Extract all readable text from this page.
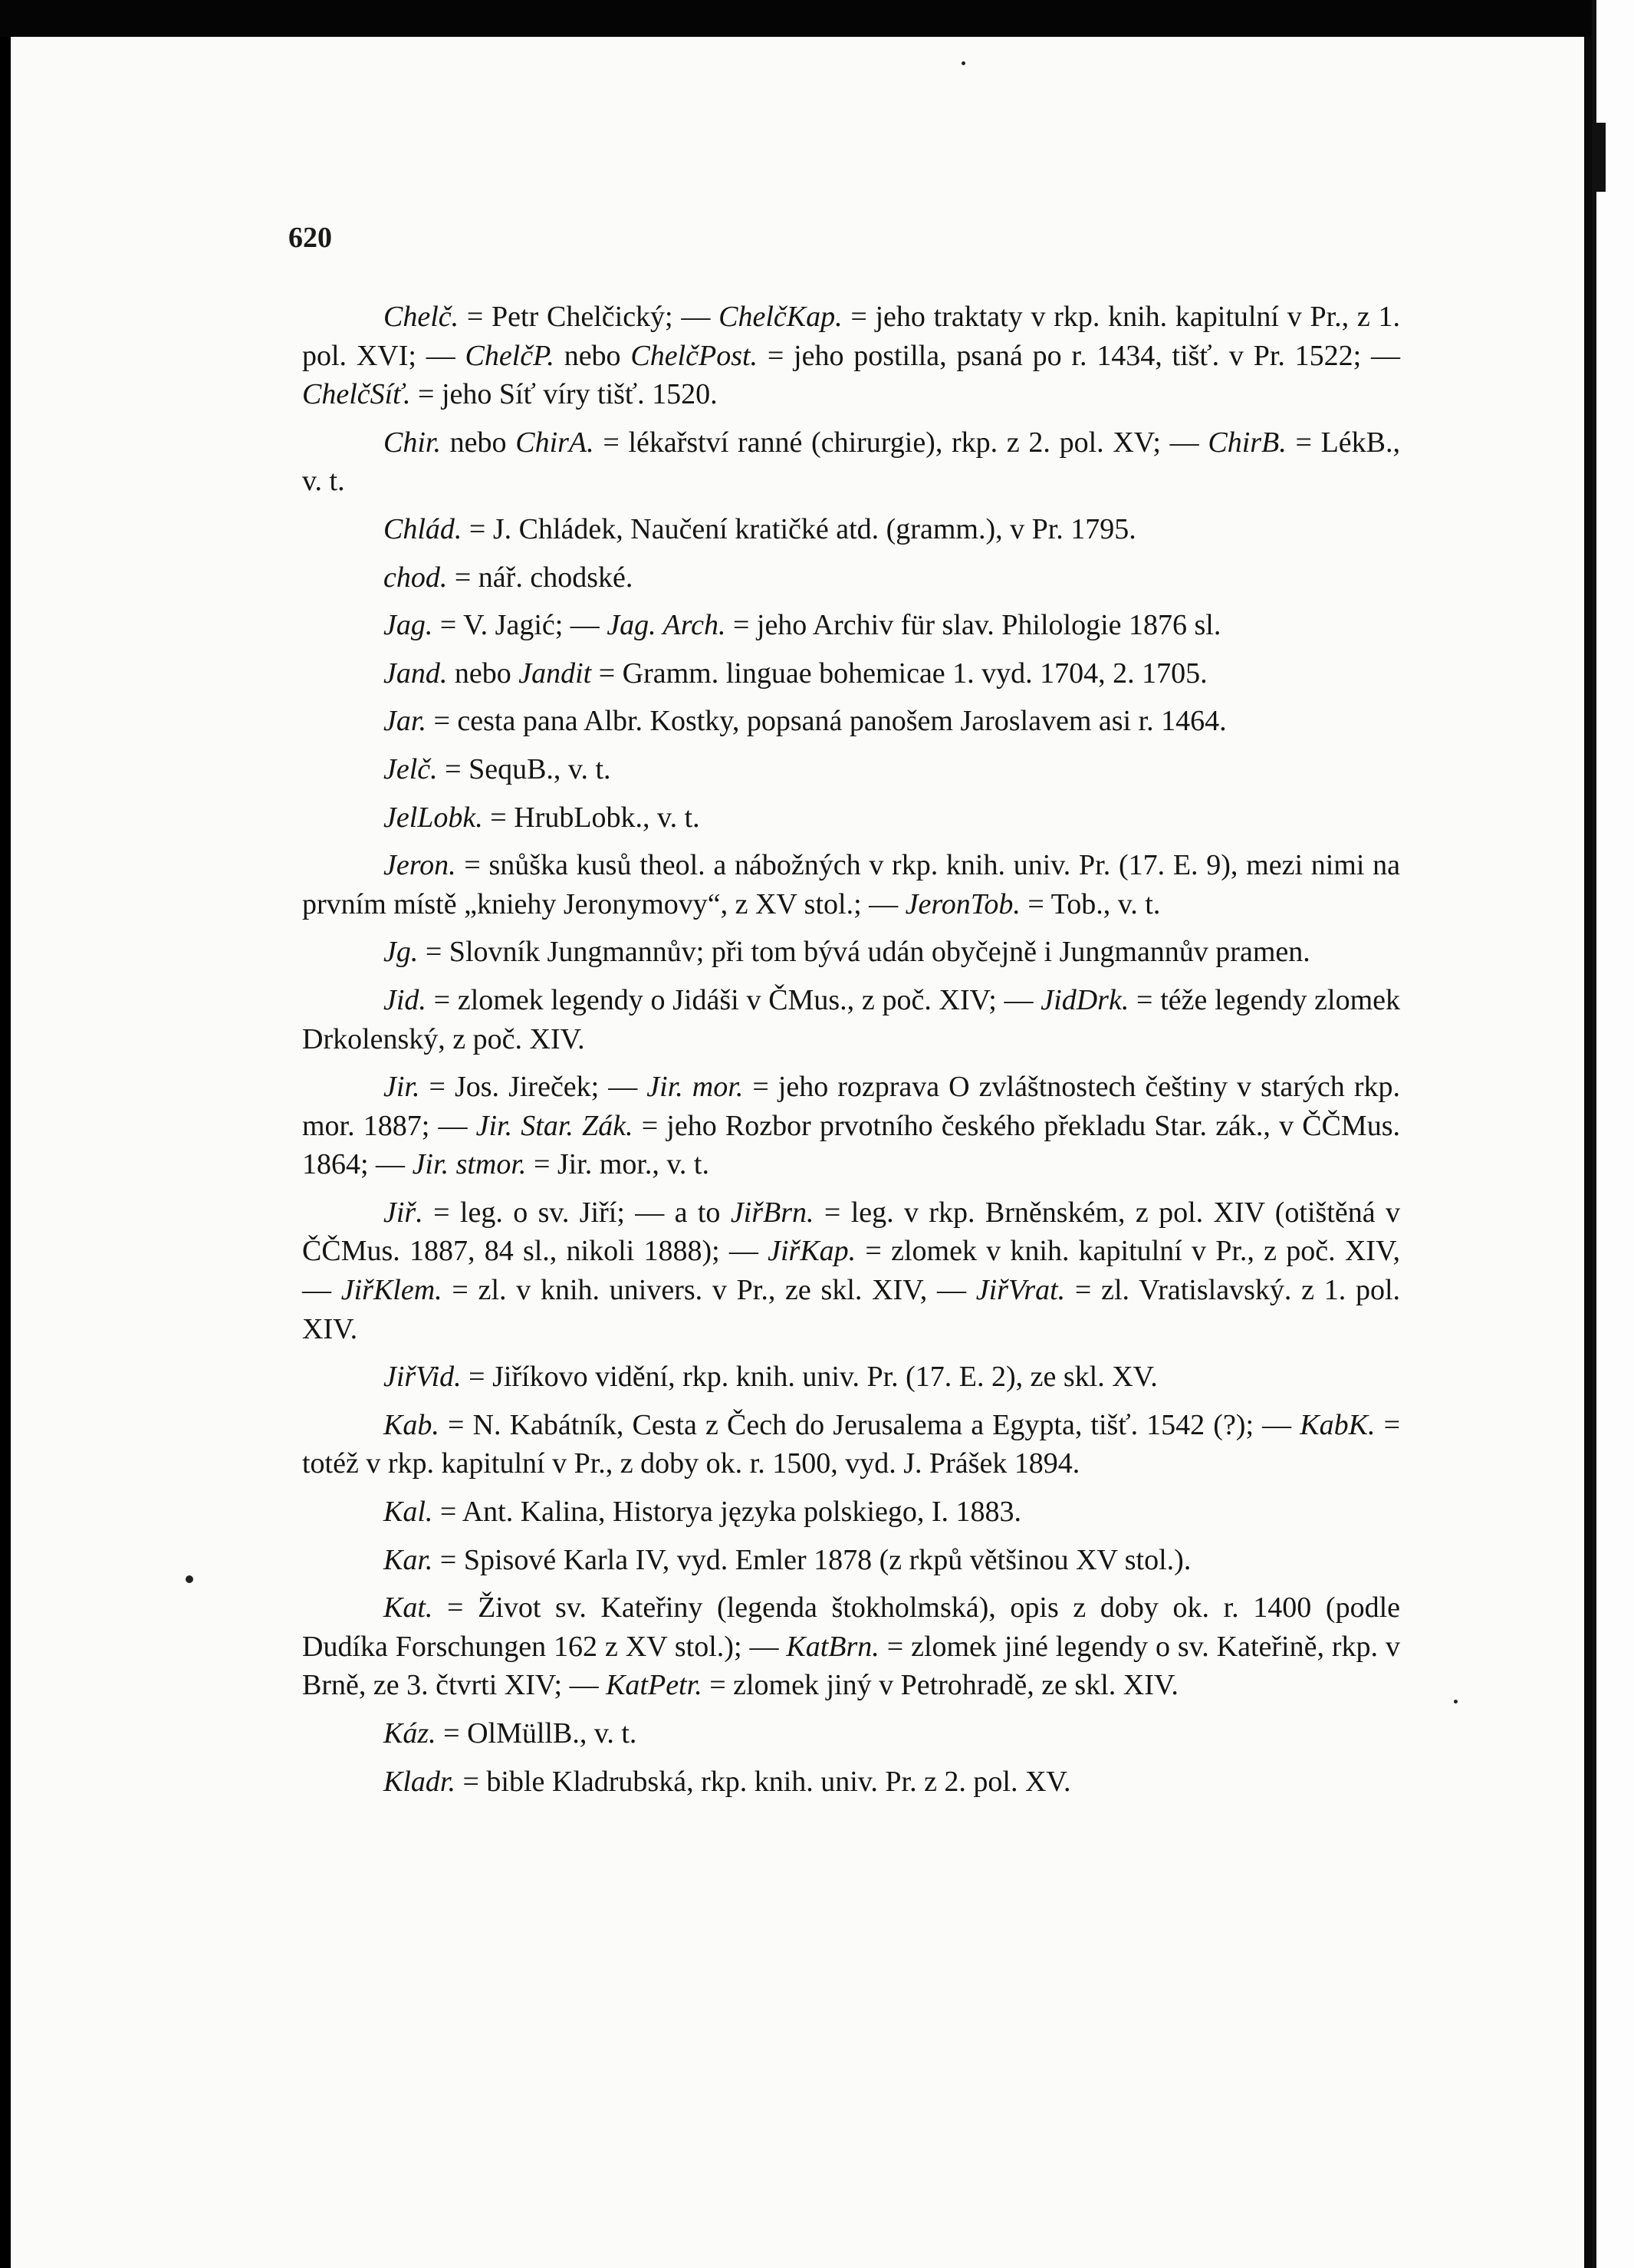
620

Chelč. = Petr Chelčický; — ChelčKap. = jeho traktaty v rkp. knih. kapitulní v Pr., z 1. pol. XVI; — ChelčP. nebo ChelčPost. = jeho postilla, psaná po r. 1434, tišť. v Pr. 1522; — ChelčSíť. = jeho Síť víry tišť. 1520.

Chir. nebo ChirA. = lékařství ranné (chirurgie), rkp. z 2. pol. XV; — ChirB. = LékB., v. t.

Chlád. = J. Chládek, Naučení kratičké atd. (gramm.), v Pr. 1795.

chod. = nář. chodské.

Jag. = V. Jagić; — Jag. Arch. = jeho Archiv für slav. Philologie 1876 sl.

Jand. nebo Jandit = Gramm. linguae bohemicae 1. vyd. 1704, 2. 1705.

Jar. = cesta pana Albr. Kostky, popsaná panošem Jaroslavem asi r. 1464.

Jelč. = SequB., v. t.

JelLobk. = HrubLobk., v. t.

Jeron. = snůška kusů theol. a nábožných v rkp. knih. univ. Pr. (17. E. 9), mezi nimi na prvním místě „kniehy Jeronymovy“, z XV stol.; — JeronTob. = Tob., v. t.

Jg. = Slovník Jungmannův; při tom bývá udán obyčejně i Jungmannův pramen.

Jid. = zlomek legendy o Jidáši v ČMus., z poč. XIV; — JidDrk. = téže legendy zlomek Drkolenský, z poč. XIV.

Jir. = Jos. Jireček; — Jir. mor. = jeho rozprava O zvláštnostech češtiny v starých rkp. mor. 1887; — Jir. Star. Zák. = jeho Rozbor prvotního českého překladu Star. zák., v ČČMus. 1864; — Jir. stmor. = Jir. mor., v. t.

Jiř. = leg. o sv. Jiří; — a to JiřBrn. = leg. v rkp. Brněnském, z pol. XIV (otištěná v ČČMus. 1887, 84 sl., nikoli 1888); — JiřKap. = zlomek v knih. kapitulní v Pr., z poč. XIV, — JiřKlem. = zl. v knih. univers. v Pr., ze skl. XIV, — JiřVrat. = zl. Vratislavský. z 1. pol. XIV.

JiřVid. = Jiříkovo vidění, rkp. knih. univ. Pr. (17. E. 2), ze skl. XV.

Kab. = N. Kabátník, Cesta z Čech do Jerusalema a Egypta, tišť. 1542 (?); — KabK. = totéž v rkp. kapitulní v Pr., z doby ok. r. 1500, vyd. J. Prášek 1894.

Kal. = Ant. Kalina, Historya języka polskiego, I. 1883.

Kar. = Spisové Karla IV, vyd. Emler 1878 (z rkpů většinou XV stol.).

Kat. = Život sv. Kateřiny (legenda štokholmská), opis z doby ok. r. 1400 (podle Dudíka Forschungen 162 z XV stol.); — KatBrn. = zlomek jiné legendy o sv. Kateřině, rkp. v Brně, ze 3. čtvrti XIV; — KatPetr. = zlomek jiný v Petrohradě, ze skl. XIV.

Káz. = OlMüllB., v. t.

Kladr. = bible Kladrubská, rkp. knih. univ. Pr. z 2. pol. XV.
